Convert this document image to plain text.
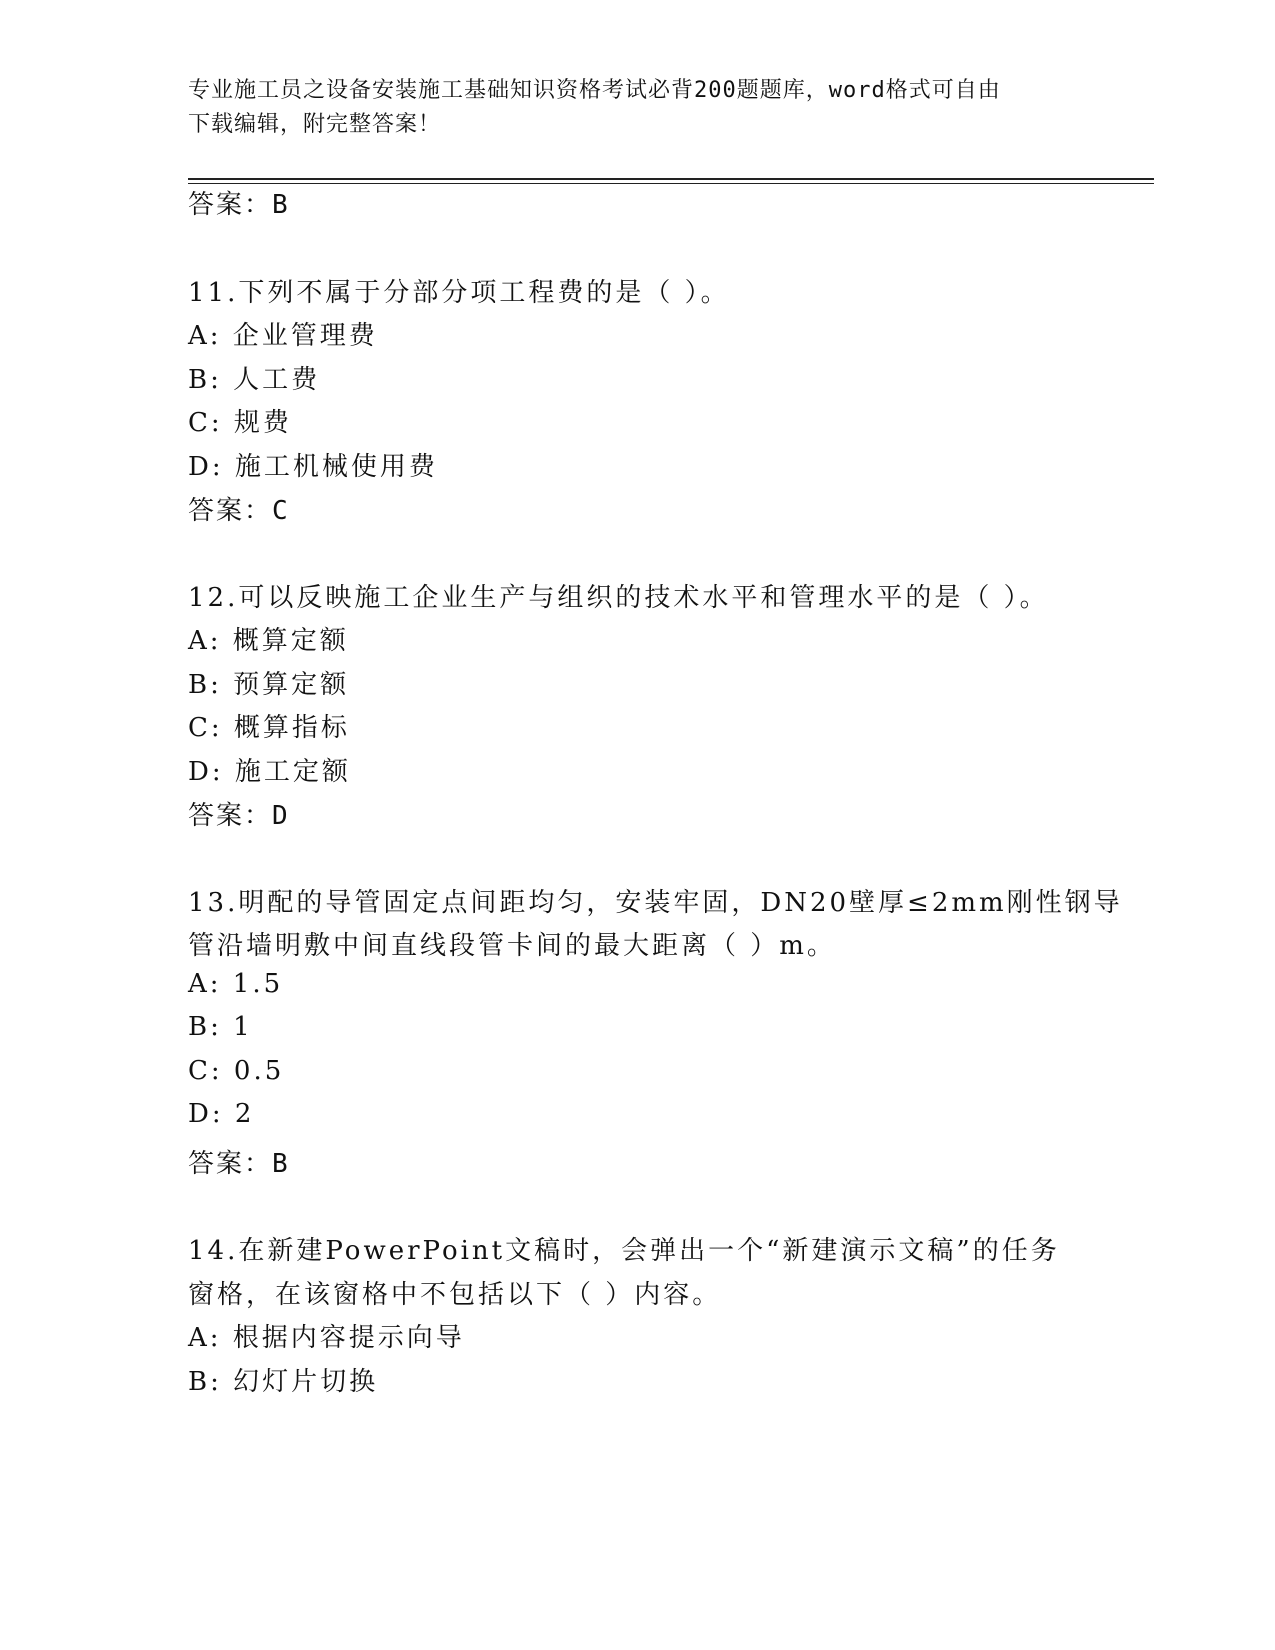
专业施工员之设备安装施工基础知识资格考试必背200题题库，word格式可自由
下载编辑，附完整答案！
答案：B
11.下列不属于分部分项工程费的是（ ）。
A: 企业管理费
B: 人工费
C: 规费
D: 施工机械使用费
答案：C
12.可以反映施工企业生产与组织的技术水平和管理水平的是（ ）。
A: 概算定额
B: 预算定额
C: 概算指标
D: 施工定额
答案：D
13.明配的导管固定点间距均匀，安装牢固，DN20壁厚≤2mm刚性钢导
管沿墙明敷中间直线段管卡间的最大距离（ ）m。
A: 1.5
B: 1
C: 0.5
D: 2
答案：B
14.在新建PowerPoint文稿时，会弹出一个“新建演示文稿”的任务
窗格，在该窗格中不包括以下（ ）内容。
A: 根据内容提示向导
B: 幻灯片切换
